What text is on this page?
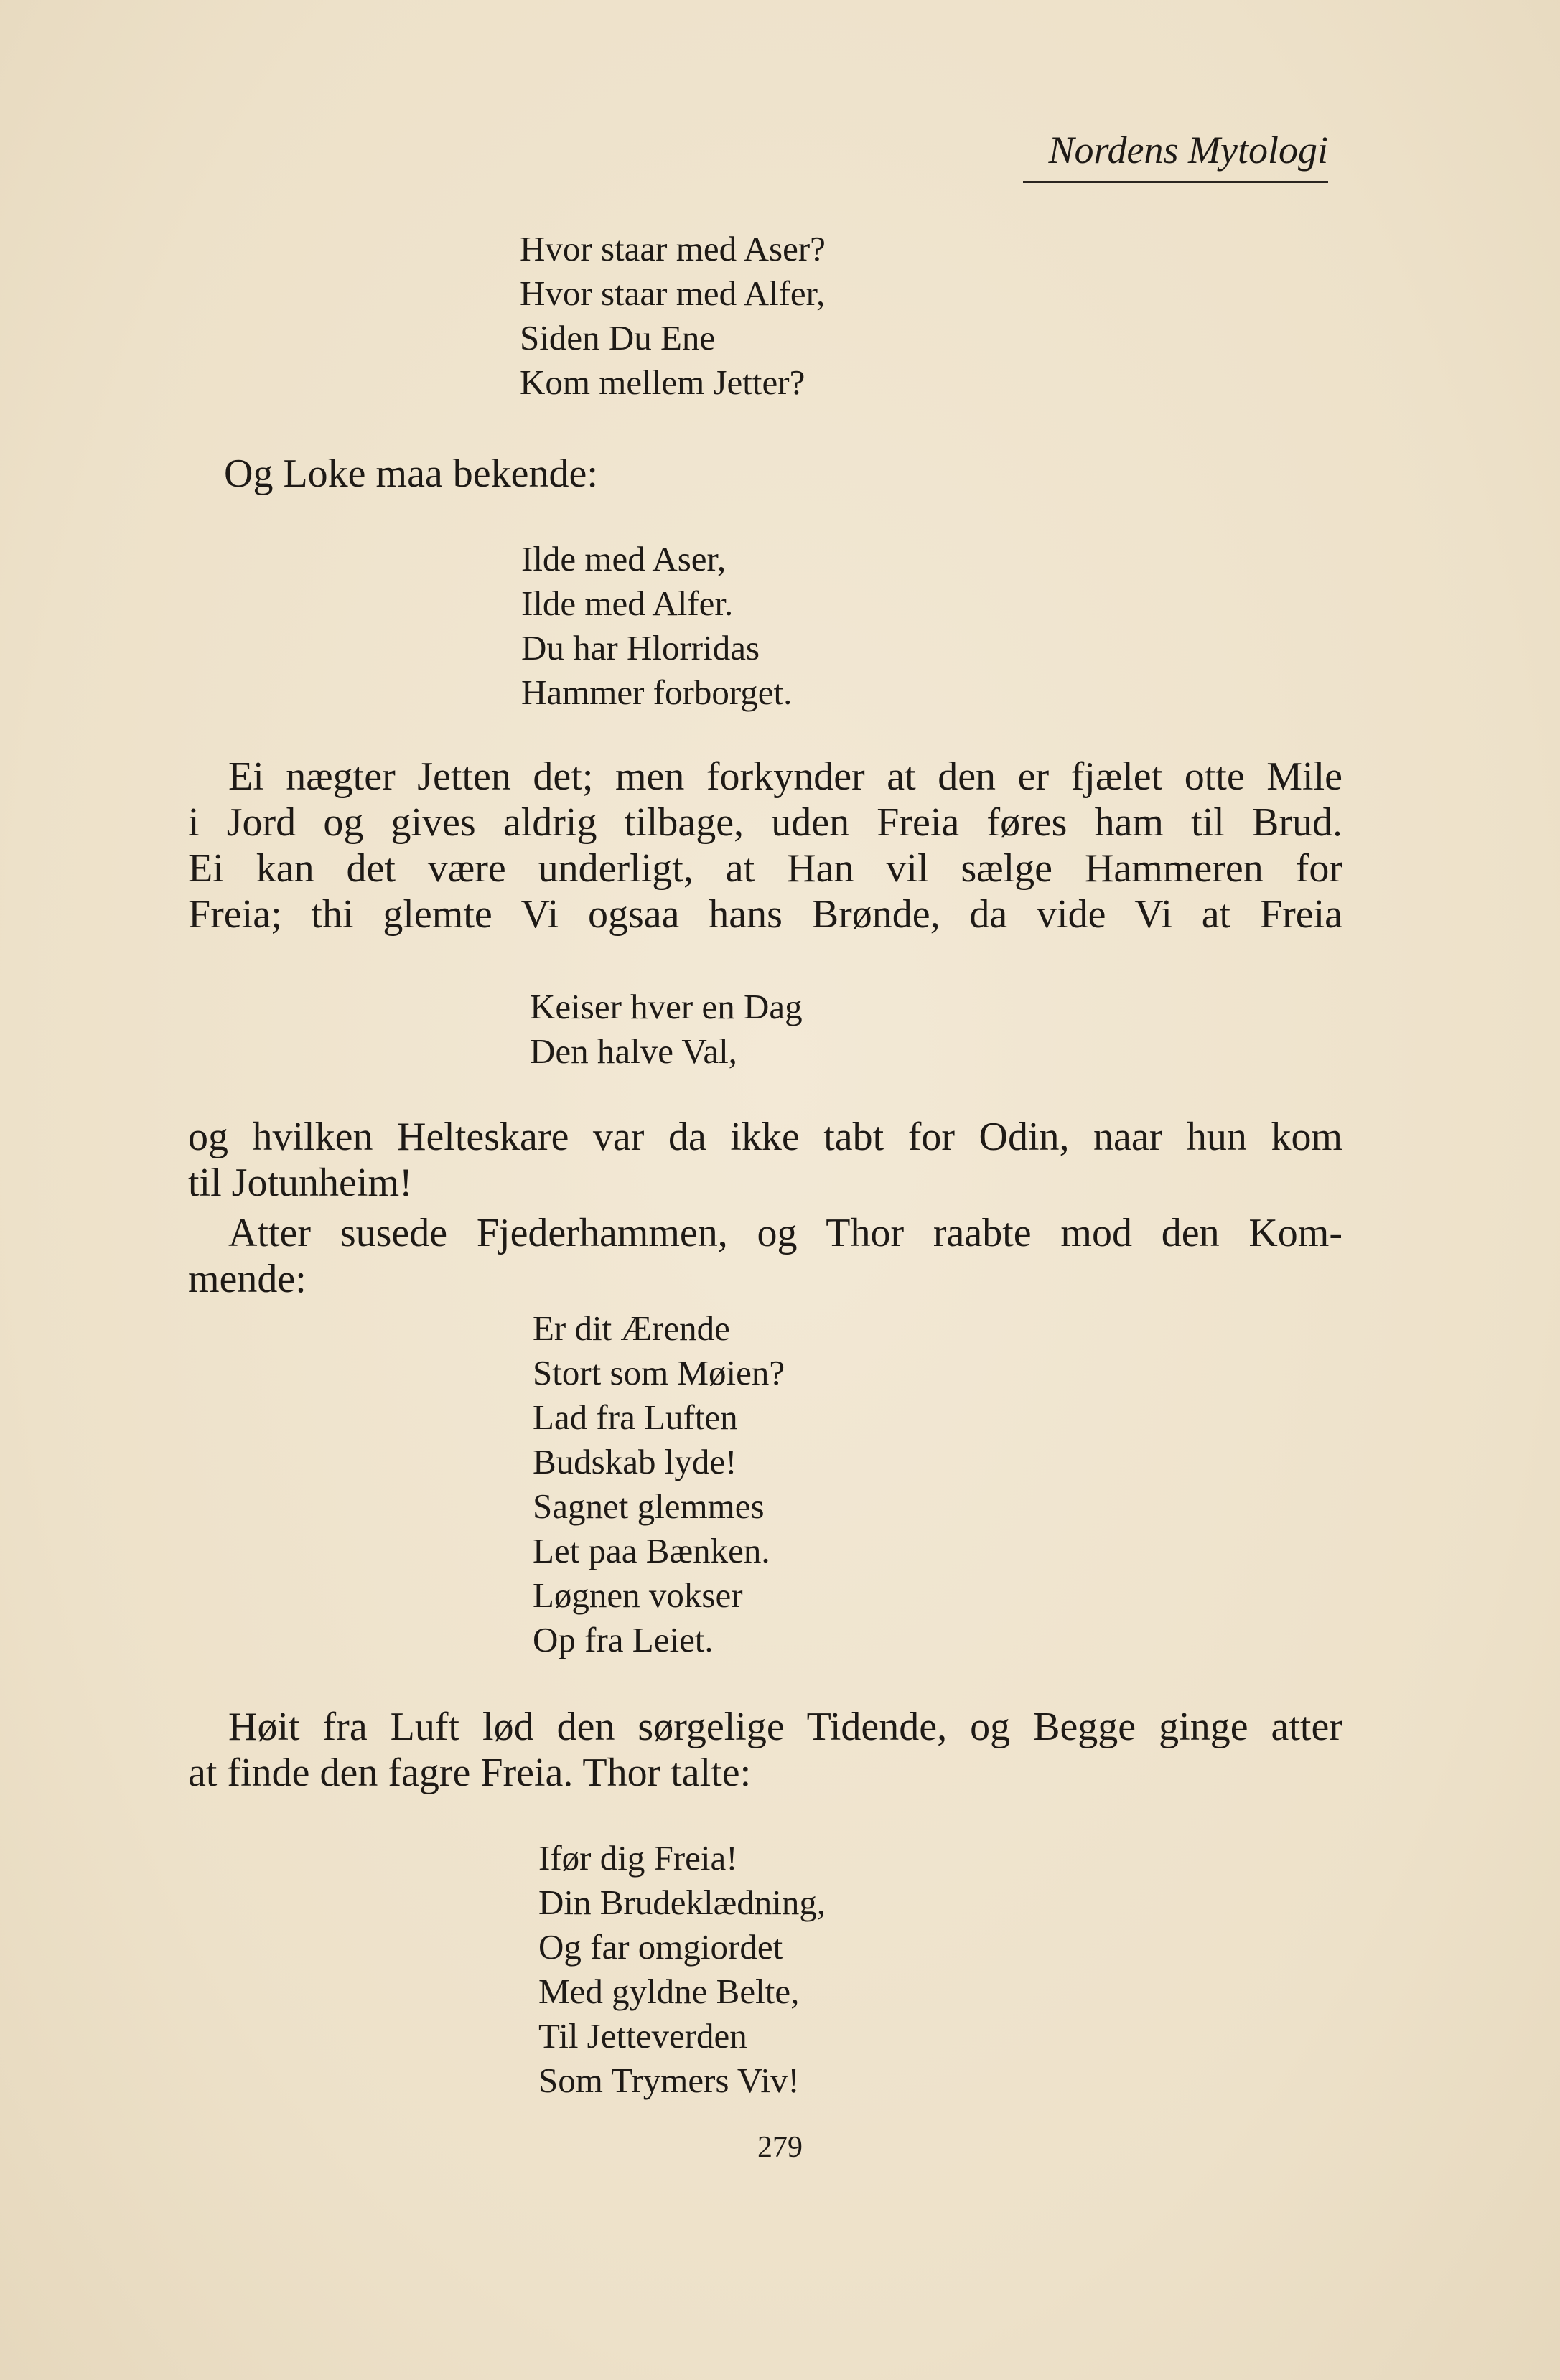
Nordens Mytologi
Hvor staar med Aser?
Hvor staar med Alfer,
Siden Du Ene
Kom mellem Jetter?
Og Loke maa bekende:
Ilde med Aser,
Ilde med Alfer.
Du har Hlorridas
Hammer forborget.
Ei nægter Jetten det; men forkynder at den er fjælet otte Mile
i Jord og gives aldrig tilbage, uden Freia føres ham til Brud.
Ei kan det være underligt, at Han vil sælge Hammeren for
Freia; thi glemte Vi ogsaa hans Brønde, da vide Vi at Freia
Keiser hver en Dag
Den halve Val,
og hvilken Helteskare var da ikke tabt for Odin, naar hun kom
til Jotunheim!
Atter susede Fjederhammen, og Thor raabte mod den Kom-
mende:
Er dit Ærende
Stort som Møien?
Lad fra Luften
Budskab lyde!
Sagnet glemmes
Let paa Bænken.
Løgnen vokser
Op fra Leiet.
Høit fra Luft lød den sørgelige Tidende, og Begge ginge atter
at finde den fagre Freia. Thor talte:
Ifør dig Freia!
Din Brudeklædning,
Og far omgiordet
Med gyldne Belte,
Til Jetteverden
Som Trymers Viv!
279
